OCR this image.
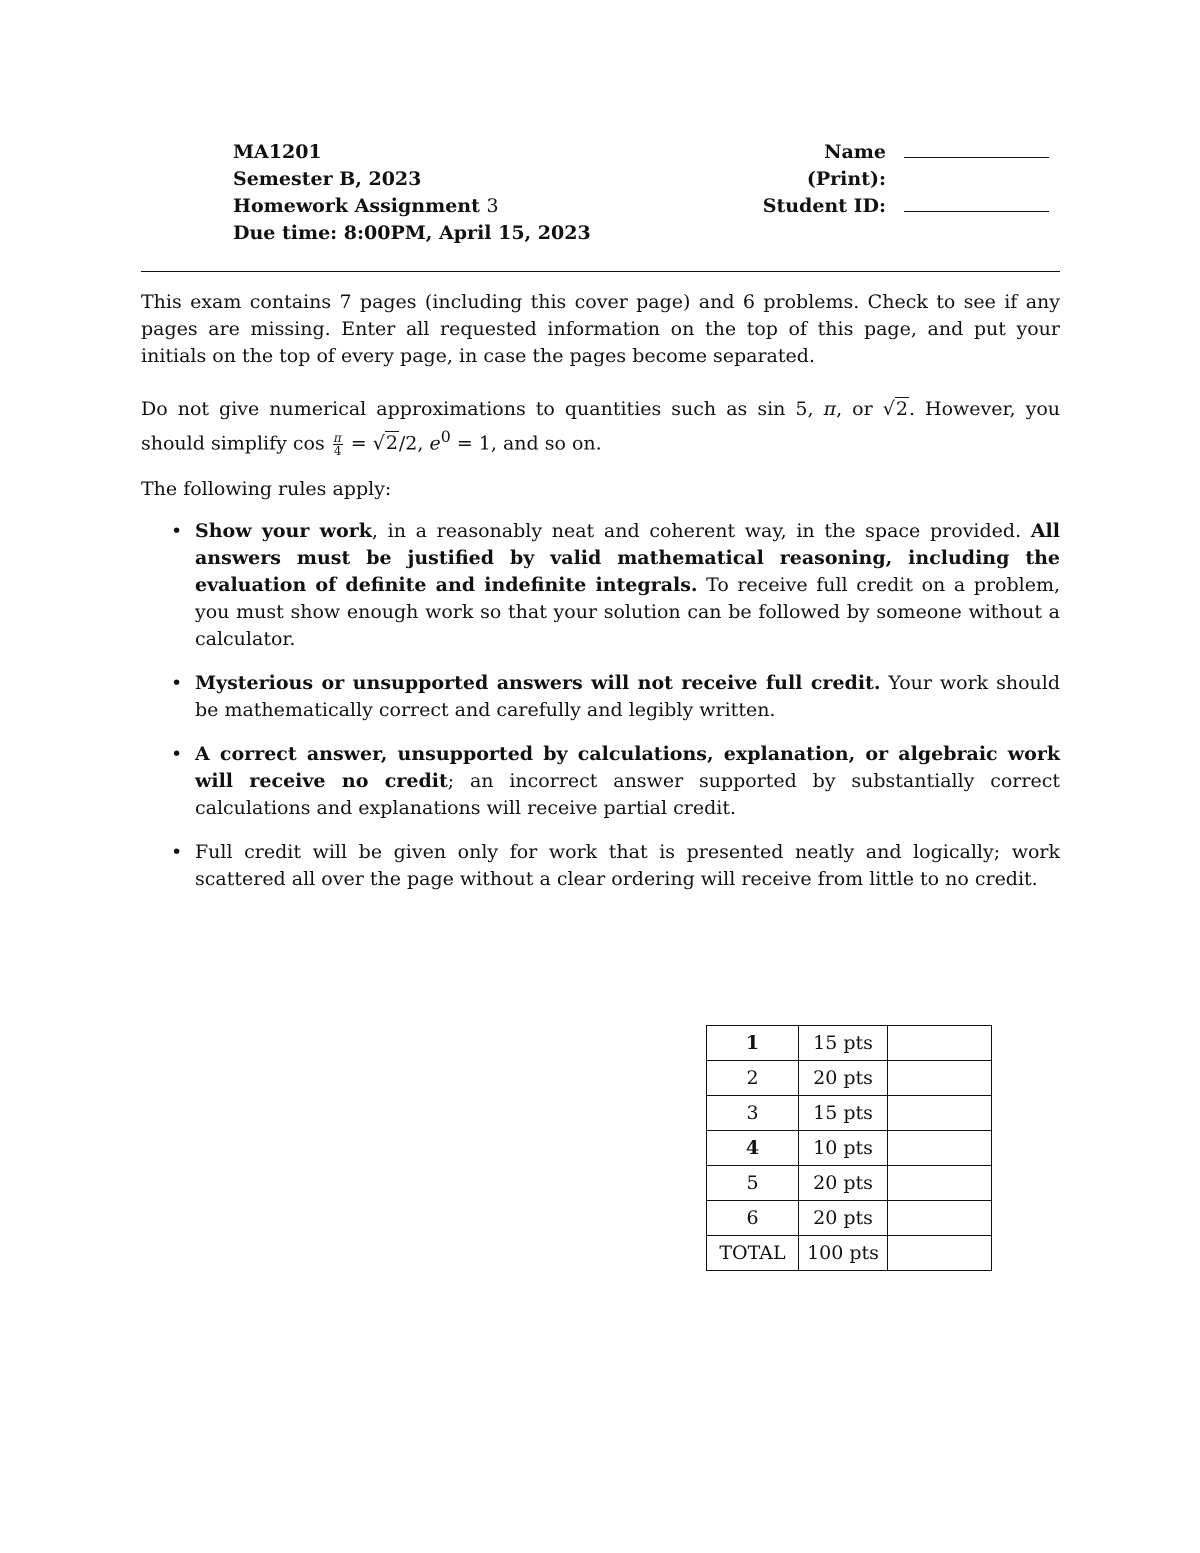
MA1201
Semester B, 2023
Homework Assignment 3
Due time: 8:00PM, April 15, 2023
Name (Print):
Student ID:

This exam contains 7 pages (including this cover page) and 6 problems. Check to see if any pages are missing. Enter all requested information on the top of this page, and put your initials on the top of every page, in case the pages become separated.

Do not give numerical approximations to quantities such as sin 5, π, or √2. However, you should simplify $\cos \frac{\pi}{4} = √2/2$, $e^0 = 1$, and so on.

The following rules apply:

• Show your work, in a reasonably neat and coherent way, in the space provided. All answers must be justified by valid mathematical reasoning, including the evaluation of definite and indefinite integrals. To receive full credit on a problem, you must show enough work so that your solution can be followed by someone without a calculator.
• Mysterious or unsupported answers will not receive full credit. Your work should be mathematically correct and carefully and legibly written.
• A correct answer, unsupported by calculations, explanation, or algebraic work will receive no credit; an incorrect answer supported by substantially correct calculations and explanations will receive partial credit.
• Full credit will be given only for work that is presented neatly and logically; work scattered all over the page without a clear ordering will receive from little to no credit.
1	15 pts	
2	20 pts	
3	15 pts	
4	10 pts	
5	20 pts	
6	20 pts	
TOTAL	100 pts	
